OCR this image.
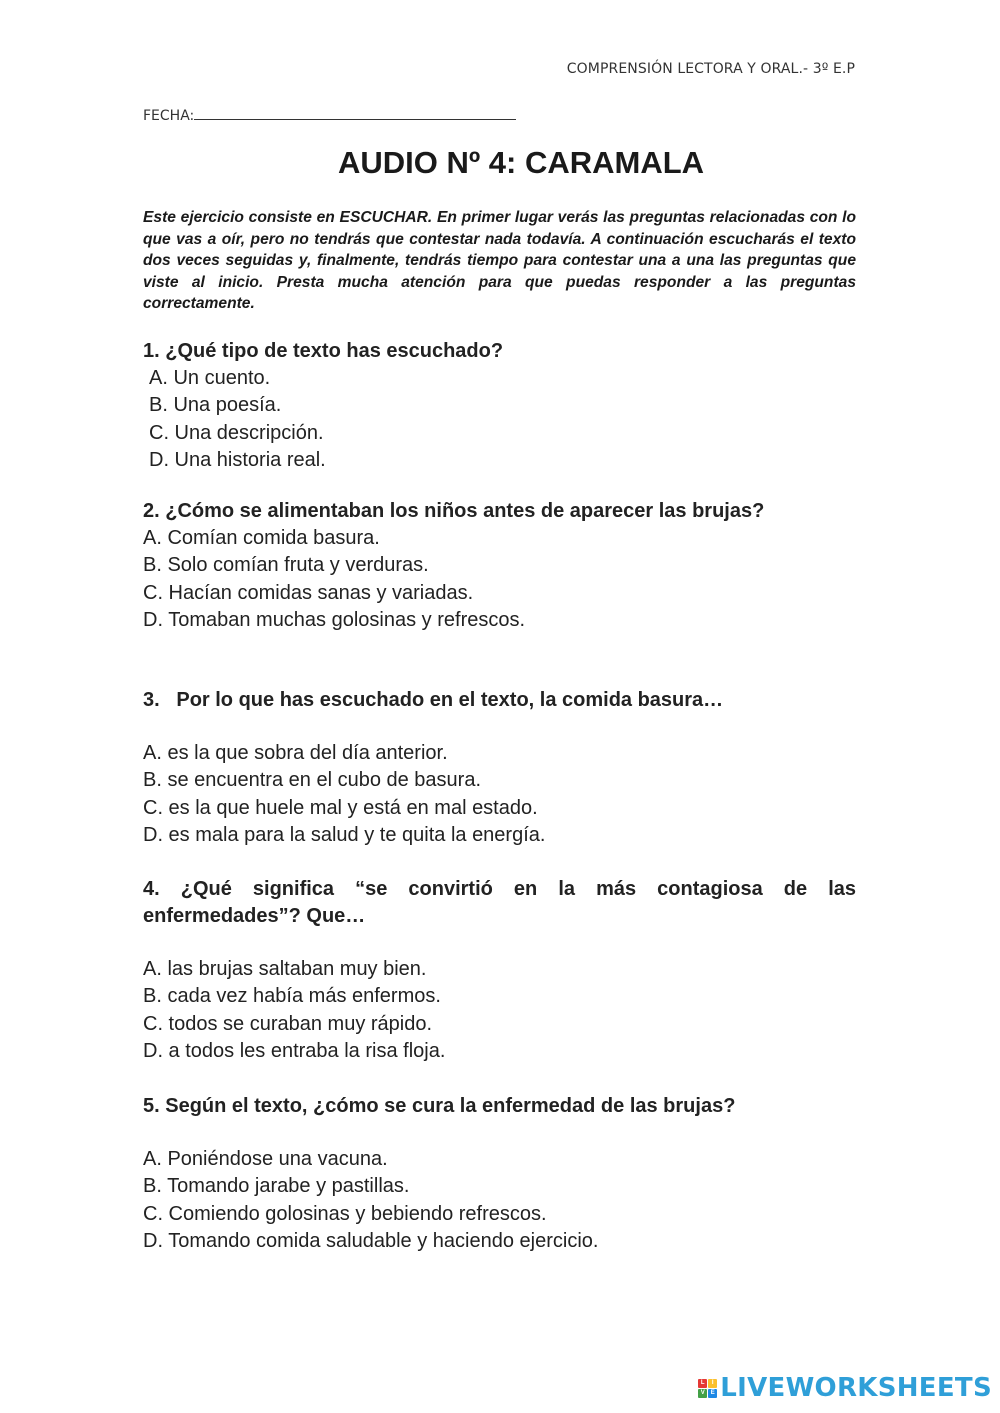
COMPRENSIÓN LECTORA Y ORAL.- 3º E.P
FECHA:
AUDIO Nº 4: CARAMALA

Este ejercicio consiste en ESCUCHAR. En primer lugar verás las preguntas relacionadas con lo que vas a oír, pero no tendrás que contestar nada todavía. A continuación escucharás el texto dos veces seguidas y, finalmente, tendrás tiempo para contestar una a una las preguntas que viste al inicio. Presta mucha atención para que puedas responder a las preguntas correctamente.

1. ¿Qué tipo de texto has escuchado?

A. Un cuento.
B. Una poesía.
C. Una descripción.
D. Una historia real.

2. ¿Cómo se alimentaban los niños antes de aparecer las brujas?

A. Comían comida basura.
B. Solo comían fruta y verduras.
C. Hacían comidas sanas y variadas.
D. Tomaban muchas golosinas y refrescos.

3.   Por lo que has escuchado en el texto, la comida basura…

A. es la que sobra del día anterior.
B. se encuentra en el cubo de basura.
C. es la que huele mal y está en mal estado.
D. es mala para la salud y te quita la energía.

4. ¿Qué significa “se convirtió en la más contagiosa de las enfermedades”? Que…

A. las brujas saltaban muy bien.
B. cada vez había más enfermos.
C. todos se curaban muy rápido.
D. a todos les entraba la risa floja.

5. Según el texto, ¿cómo se cura la enfermedad de las brujas?

A. Poniéndose una vacuna.
B. Tomando jarabe y pastillas.
C. Comiendo golosinas y bebiendo refrescos.
D. Tomando comida saludable y haciendo ejercicio.
L	I
V E LIVEWORKSHEETS
